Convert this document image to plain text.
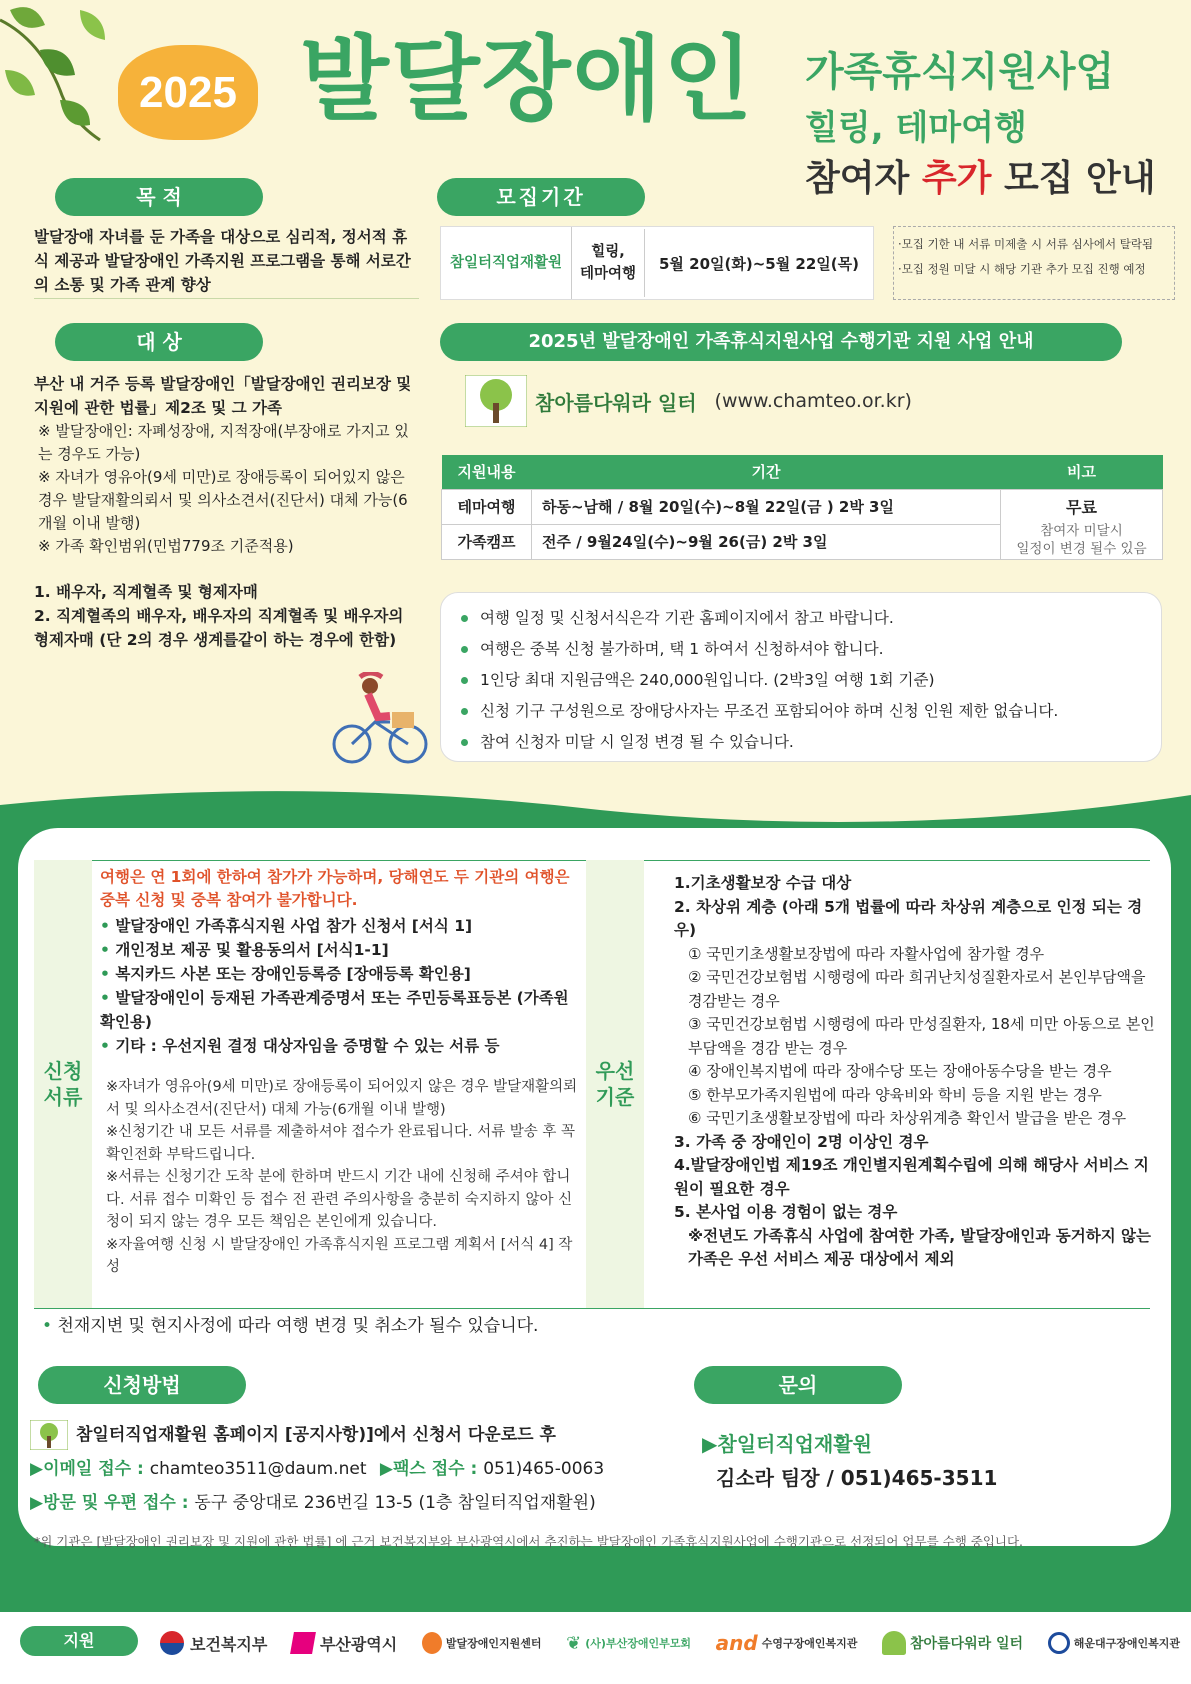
2025 발달장애인 가족휴식지원사업
힐링, 테마여행
참여자 추가 모집 안내
목 적
발달장애 자녀를 둔 가족을 대상으로 심리적, 정서적 휴식 제공과 발달장애인 가족지원 프로그램을 통해 서로간의 소통 및 가족 관계 향상
모집기간
참일터직업재활원
힐링,
테마여행
5월 20일(화)~5월 22일(목)
·모집 기한 내 서류 미제출 시 서류 심사에서 탈락됨
·모집 정원 미달 시 해당 기관 추가 모집 진행 예정
대 상
부산 내 거주 등록 발달장애인「발달장애인 권리보장 및 지원에 관한 법률」제2조 및 그 가족
※ 발달장애인: 자폐성장애, 지적장애(부장애로 가지고 있는 경우도 가능)
※ 자녀가 영유아(9세 미만)로 장애등록이 되어있지 않은 경우 발달재활의뢰서 및 의사소견서(진단서) 대체 가능(6개월 이내 발행)
※ 가족 확인범위(민법779조 기준적용)
1. 배우자, 직계혈족 및 형제자매
2. 직계혈족의 배우자, 배우자의 직계혈족 및 배우자의 형제자매 (단 2의 경우 생계를같이 하는 경우에 한함)
2025년 발달장애인 가족휴식지원사업 수행기관 지원 사업 안내
참아름다워라 일터 (www.chamteo.or.kr)
지원내용	기간	비고
테마여행	하동~남해 / 8월 20일(수)~8월 22일(금 ) 2박 3일	무료
참여자 미달시
일정이 변경 될수 있음

가족캠프	전주 / 9월24일(수)~9월 26(금) 2박 3일	
여행 일정 및 신청서식은각 기관 홈페이지에서 참고 바랍니다.
여행은 중복 신청 불가하며, 택 1 하여서 신청하셔야 합니다.
1인당 최대 지원금액은 240,000원입니다. (2박3일 여행 1회 기준)
신청 기구 구성원으로 장애당사자는 무조건 포함되어야 하며 신청 인원 제한 없습니다.
참여 신청자 미달 시 일정 변경 될 수 있습니다.
신청
서류
여행은 연 1회에 한하여 참가가 가능하며, 당해연도 두 기관의 여행은 중복 신청 및 중복 참여가 불가합니다.
• 발달장애인 가족휴식지원 사업 참가 신청서 [서식 1]
• 개인정보 제공 및 활용동의서 [서식1-1]
• 복지카드 사본 또는 장애인등록증 [장애등록 확인용]
• 발달장애인이 등재된 가족관계증명서 또는 주민등록표등본 (가족원 확인용)
• 기타 : 우선지원 결정 대상자임을 증명할 수 있는 서류 등
※자녀가 영유아(9세 미만)로 장애등록이 되어있지 않은 경우 발달재활의뢰서 및 의사소견서(진단서) 대체 가능(6개월 이내 발행)
※신청기간 내 모든 서류를 제출하셔야 접수가 완료됩니다. 서류 발송 후 꼭 확인전화 부탁드립니다.
※서류는 신청기간 도착 분에 한하며 반드시 기간 내에 신청해 주셔야 합니다. 서류 접수 미확인 등 접수 전 관련 주의사항을 충분히 숙지하지 않아 신청이 되지 않는 경우 모든 책임은 본인에게 있습니다.
※자율여행 신청 시 발달장애인 가족휴식지원 프로그램 계획서 [서식 4] 작성
우선
기준
1.기초생활보장 수급 대상
2. 차상위 계층 (아래 5개 법률에 따라 차상위 계층으로 인정 되는 경우)
① 국민기초생활보장법에 따라 자활사업에 참가할 경우
② 국민건강보험법 시행령에 따라 희귀난치성질환자로서 본인부담액을 경감받는 경우
③ 국민건강보험법 시행령에 따라 만성질환자, 18세 미만 아동으로 본인부담액을 경감 받는 경우
④ 장애인복지법에 따라 장애수당 또는 장애아동수당을 받는 경우
⑤ 한부모가족지원법에 따라 양육비와 학비 등을 지원 받는 경우
⑥ 국민기초생활보장법에 따라 차상위계층 확인서 발급을 받은 경우
3. 가족 중 장애인이 2명 이상인 경우
4.발달장애인법 제19조 개인별지원계획수립에 의해 해당사 서비스 지원이 필요한 경우
5. 본사업 이용 경험이 없는 경우
※전년도 가족휴식 사업에 참여한 가족, 발달장애인과 동거하지 않는 가족은 우선 서비스 제공 대상에서 제외
• 천재지변 및 현지사정에 따라 여행 변경 및 취소가 될수 있습니다.
신청방법
참일터직업재활원 홈페이지 [공지사항)]에서 신청서 다운로드 후
▶이메일 접수 : chamteo3511@daum.net ▶팩스 접수 : 051)465-0063
▶방문 및 우편 접수 : 동구 중앙대로 236번길 13-5 (1층 참일터직업재활원)
문의
▶참일터직업재활원
김소라 팀장 / 051)465-3511
*위 기관은 [발달장애인 권리보장 및 지원에 관한 법률] 에 근거 보건복지부와 부산광역시에서 추진하는 발달장애인 가족휴식지원사업에 수행기관으로 선정되어 업무를 수행 중입니다.
지원	보건복지부	부산광역시	발달장애인지원센터 ❦ (사)부산장애인부모회 and 수영구장애인복지관	참아름다워라 일터	해운대구장애인복지관
